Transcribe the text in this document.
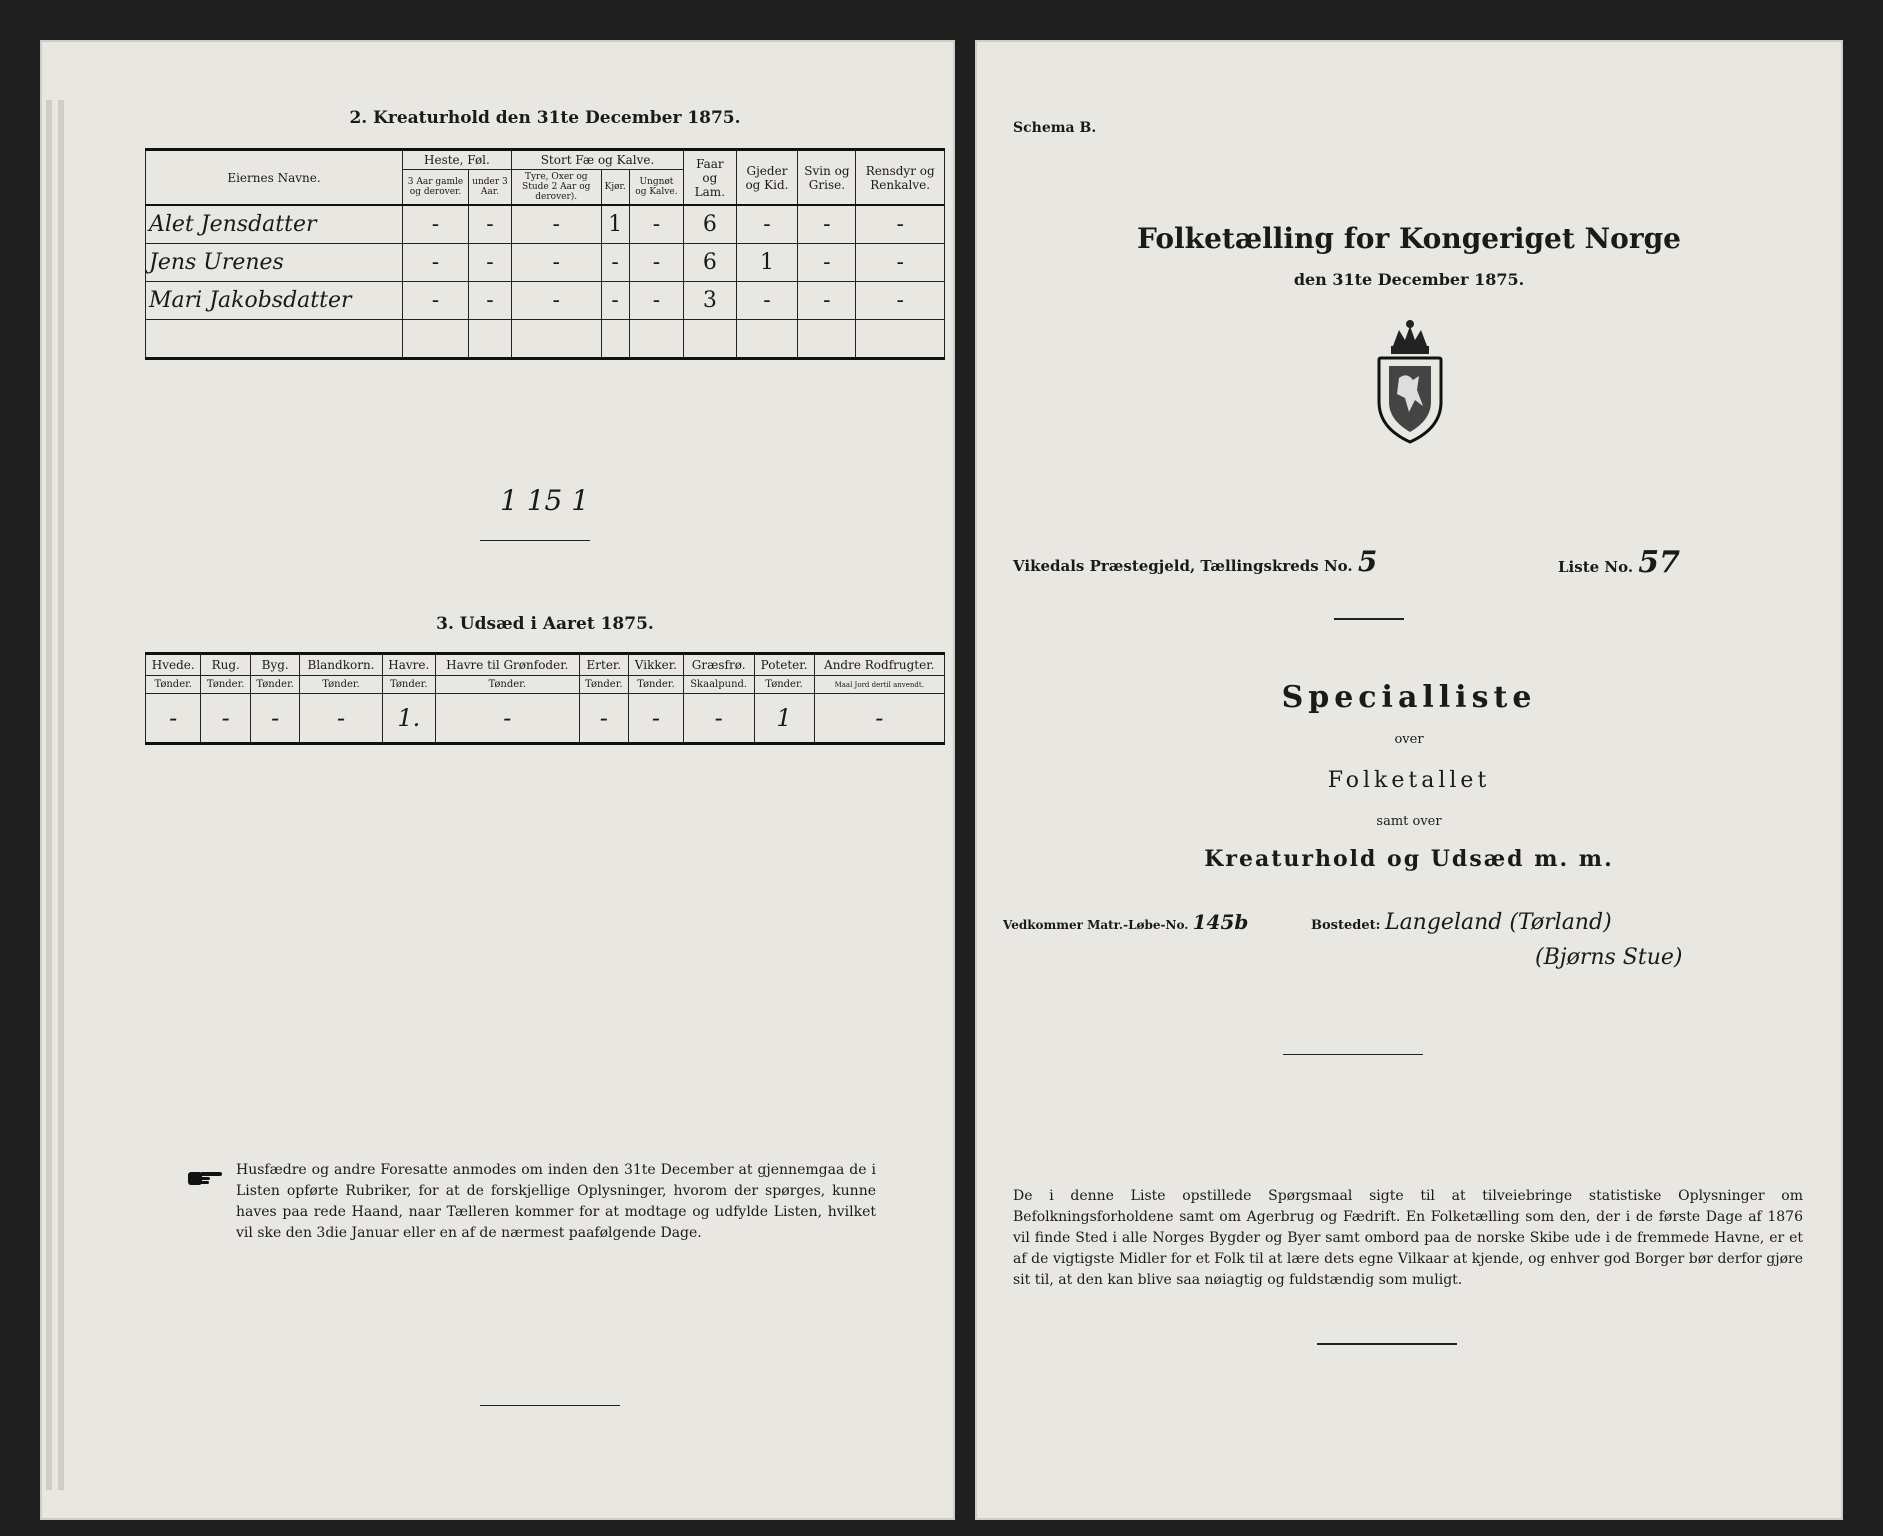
2. Kreaturhold den 31te December 1875.
Eiernes Navne.	Heste, Føl.		Stort Fæ og Kalve.			Faar og Lam.	Gjeder og Kid.	Svin og Grise.	Rensdyr og Renkalve.
	3 Aar gamle og derover.	under 3 Aar.	Tyre, Oxer og Stude 2 Aar og derover).	Kjør.	Ungnøt og Kalve.				
Alet Jensdatter	-	-	-	1	-	6	-	-	-
Jens Urenes	-	-	-	-	-	6	1	-	-
Mari Jakobsdatter	-	-	-	-	-	3	-	-	-

1 15 1
3. Udsæd i Aaret 1875.
Hvede.	Rug.	Byg.	Blandkorn.	Havre.	Havre til Grønfoder.	Erter.	Vikker.	Græsfrø.	Poteter.	Andre Rodfrugter.
Tønder.	Tønder.	Tønder.	Tønder.	Tønder.	Tønder.	Tønder.	Tønder.	Skaalpund.	Tønder.	Maal Jord dertil anvendt.
-	-	-	-	1.	-	-	-	-	1	-
Husfædre og andre Foresatte anmodes om inden den 31te December at gjennemgaa de i Listen opførte Rubriker, for at de forskjellige Oplysninger, hvorom der spørges, kunne haves paa rede Haand, naar Tælleren kommer for at modtage og udfylde Listen, hvilket vil ske den 3die Januar eller en af de nærmest paafølgende Dage.
Schema B.
Folketælling for Kongeriget Norge
den 31te December 1875.
Vikedals Præstegjeld, Tællingskreds No. 5	Liste No. 57
Specialliste
over
Folketallet
samt over
Kreaturhold og Udsæd m. m.
Vedkommer Matr.-Løbe-No. 145b	Bostedet: Langeland (Tørland)
(Bjørns Stue)
De i denne Liste opstillede Spørgsmaal sigte til at tilveiebringe statistiske Oplysninger om Befolkningsforholdene samt om Agerbrug og Fædrift. En Folketælling som den, der i de første Dage af 1876 vil finde Sted i alle Norges Bygder og Byer samt ombord paa de norske Skibe ude i de fremmede Havne, er et af de vigtigste Midler for et Folk til at lære dets egne Vilkaar at kjende, og enhver god Borger bør derfor gjøre sit til, at den kan blive saa nøiagtig og fuldstændig som muligt.
